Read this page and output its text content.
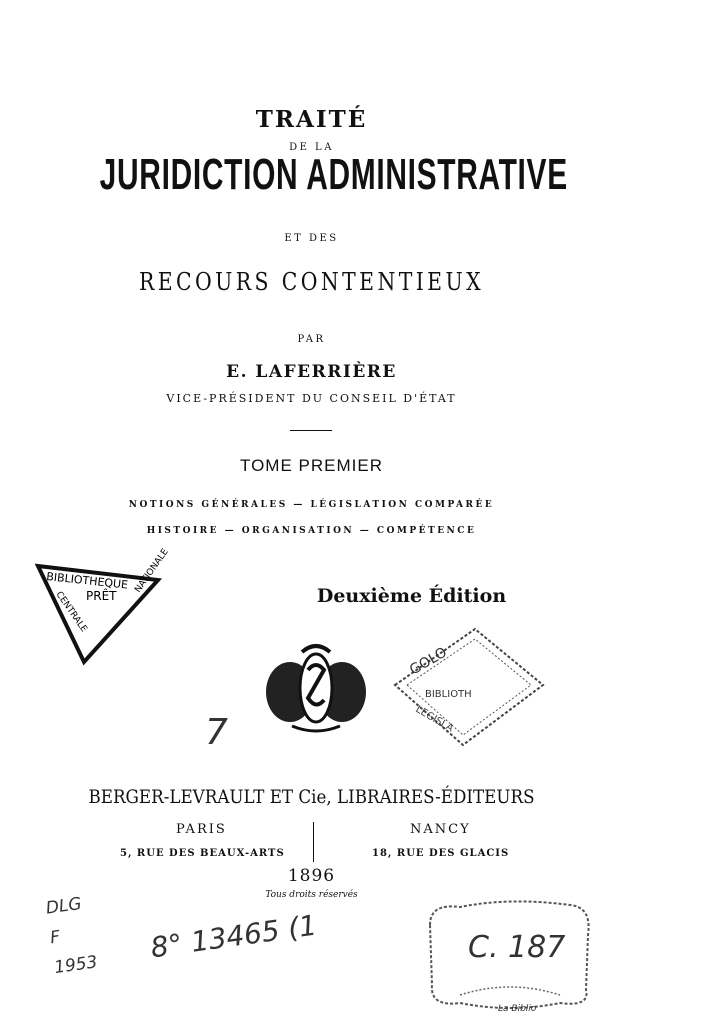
TRAITÉ
DE LA
JURIDICTION ADMINISTRATIVE
ET DES
RECOURS CONTENTIEUX
PAR
E. LAFERRIÈRE
VICE-PRÉSIDENT DU CONSEIL D'ÉTAT
TOME PREMIER
NOTIONS GÉNÉRALES — LÉGISLATION COMPARÉE
HISTOIRE — ORGANISATION — COMPÉTENCE
Deuxième Édition
BIBLIOTHEQUE
PRÊT
CENTRALE
NATIONALE
GOLO
BIBLIOTH
LEGISLA
7
BERGER-LEVRAULT ET Cie, LIBRAIRES-ÉDITEURS
PARIS	NANCY
5, RUE DES BEAUX-ARTS	18, RUE DES GLACIS
1896
Tous droits réservés
DLG F 1953
8° 13465 (1	C. 187
La Biblio
